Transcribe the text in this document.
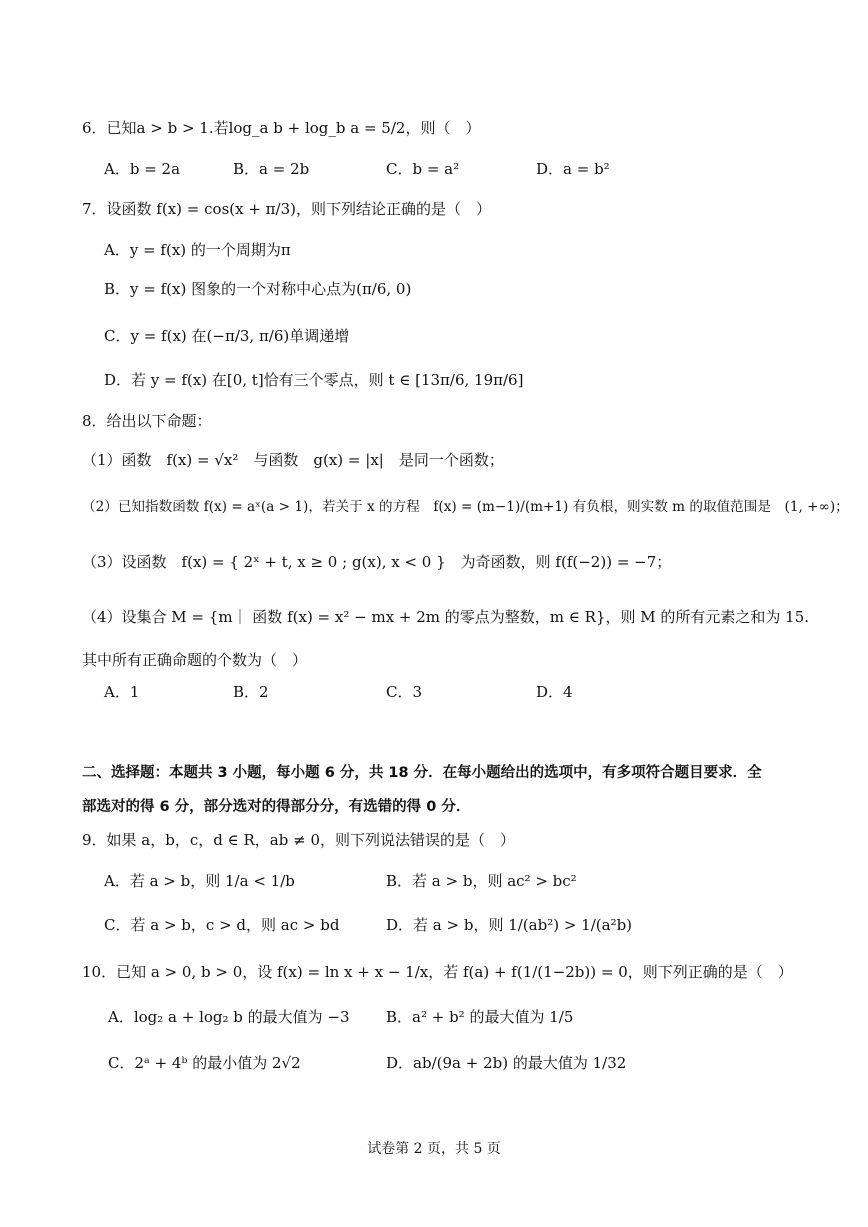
6．已知a > b > 1.若log_a b + log_b a = 5/2，则（　）
A．b = 2a	B．a = 2b	C．b = a²	D．a = b²
7．设函数 f(x) = cos(x + π/3)，则下列结论正确的是（　）
A．y = f(x) 的一个周期为π
B．y = f(x) 图象的一个对称中心点为(π/6, 0)
C．y = f(x) 在(−π/3, π/6)单调递增
D．若 y = f(x) 在[0, t]恰有三个零点，则 t ∈ [13π/6, 19π/6]
8．给出以下命题：
（1）函数　f(x) = √x²　与函数　g(x) = |x|　是同一个函数；
（2）已知指数函数 f(x) = aˣ(a > 1)，若关于 x 的方程　f(x) = (m−1)/(m+1) 有负根，则实数 m 的取值范围是　(1, +∞)；
（3）设函数　f(x) = { 2ˣ + t, x ≥ 0 ; g(x), x < 0 }　为奇函数，则 f(f(−2)) = −7；
（4）设集合 M = {m｜ 函数 f(x) = x² − mx + 2m 的零点为整数，m ∈ R}，则 M 的所有元素之和为 15.
其中所有正确命题的个数为（　）
A．1	B．2	C．3	D．4
二、选择题：本题共 3 小题，每小题 6 分，共 18 分．在每小题给出的选项中，有多项符合题目要求．全
部选对的得 6 分，部分选对的得部分分，有选错的得 0 分．
9．如果 a，b，c，d ∈ R，ab ≠ 0，则下列说法错误的是（　）
A．若 a > b，则 1/a < 1/b	B．若 a > b，则 ac² > bc²
C．若 a > b，c > d，则 ac > bd	D．若 a > b，则 1/(ab²) > 1/(a²b)
10．已知 a > 0, b > 0，设 f(x) = ln x + x − 1/x，若 f(a) + f(1/(1−2b)) = 0，则下列正确的是（　）
A．log₂ a + log₂ b 的最大值为 −3 B．a² + b² 的最大值为 1/5
C．2ᵃ + 4ᵇ 的最小值为 2√2	D．ab/(9a + 2b) 的最大值为 1/32
试卷第 2 页，共 5 页
